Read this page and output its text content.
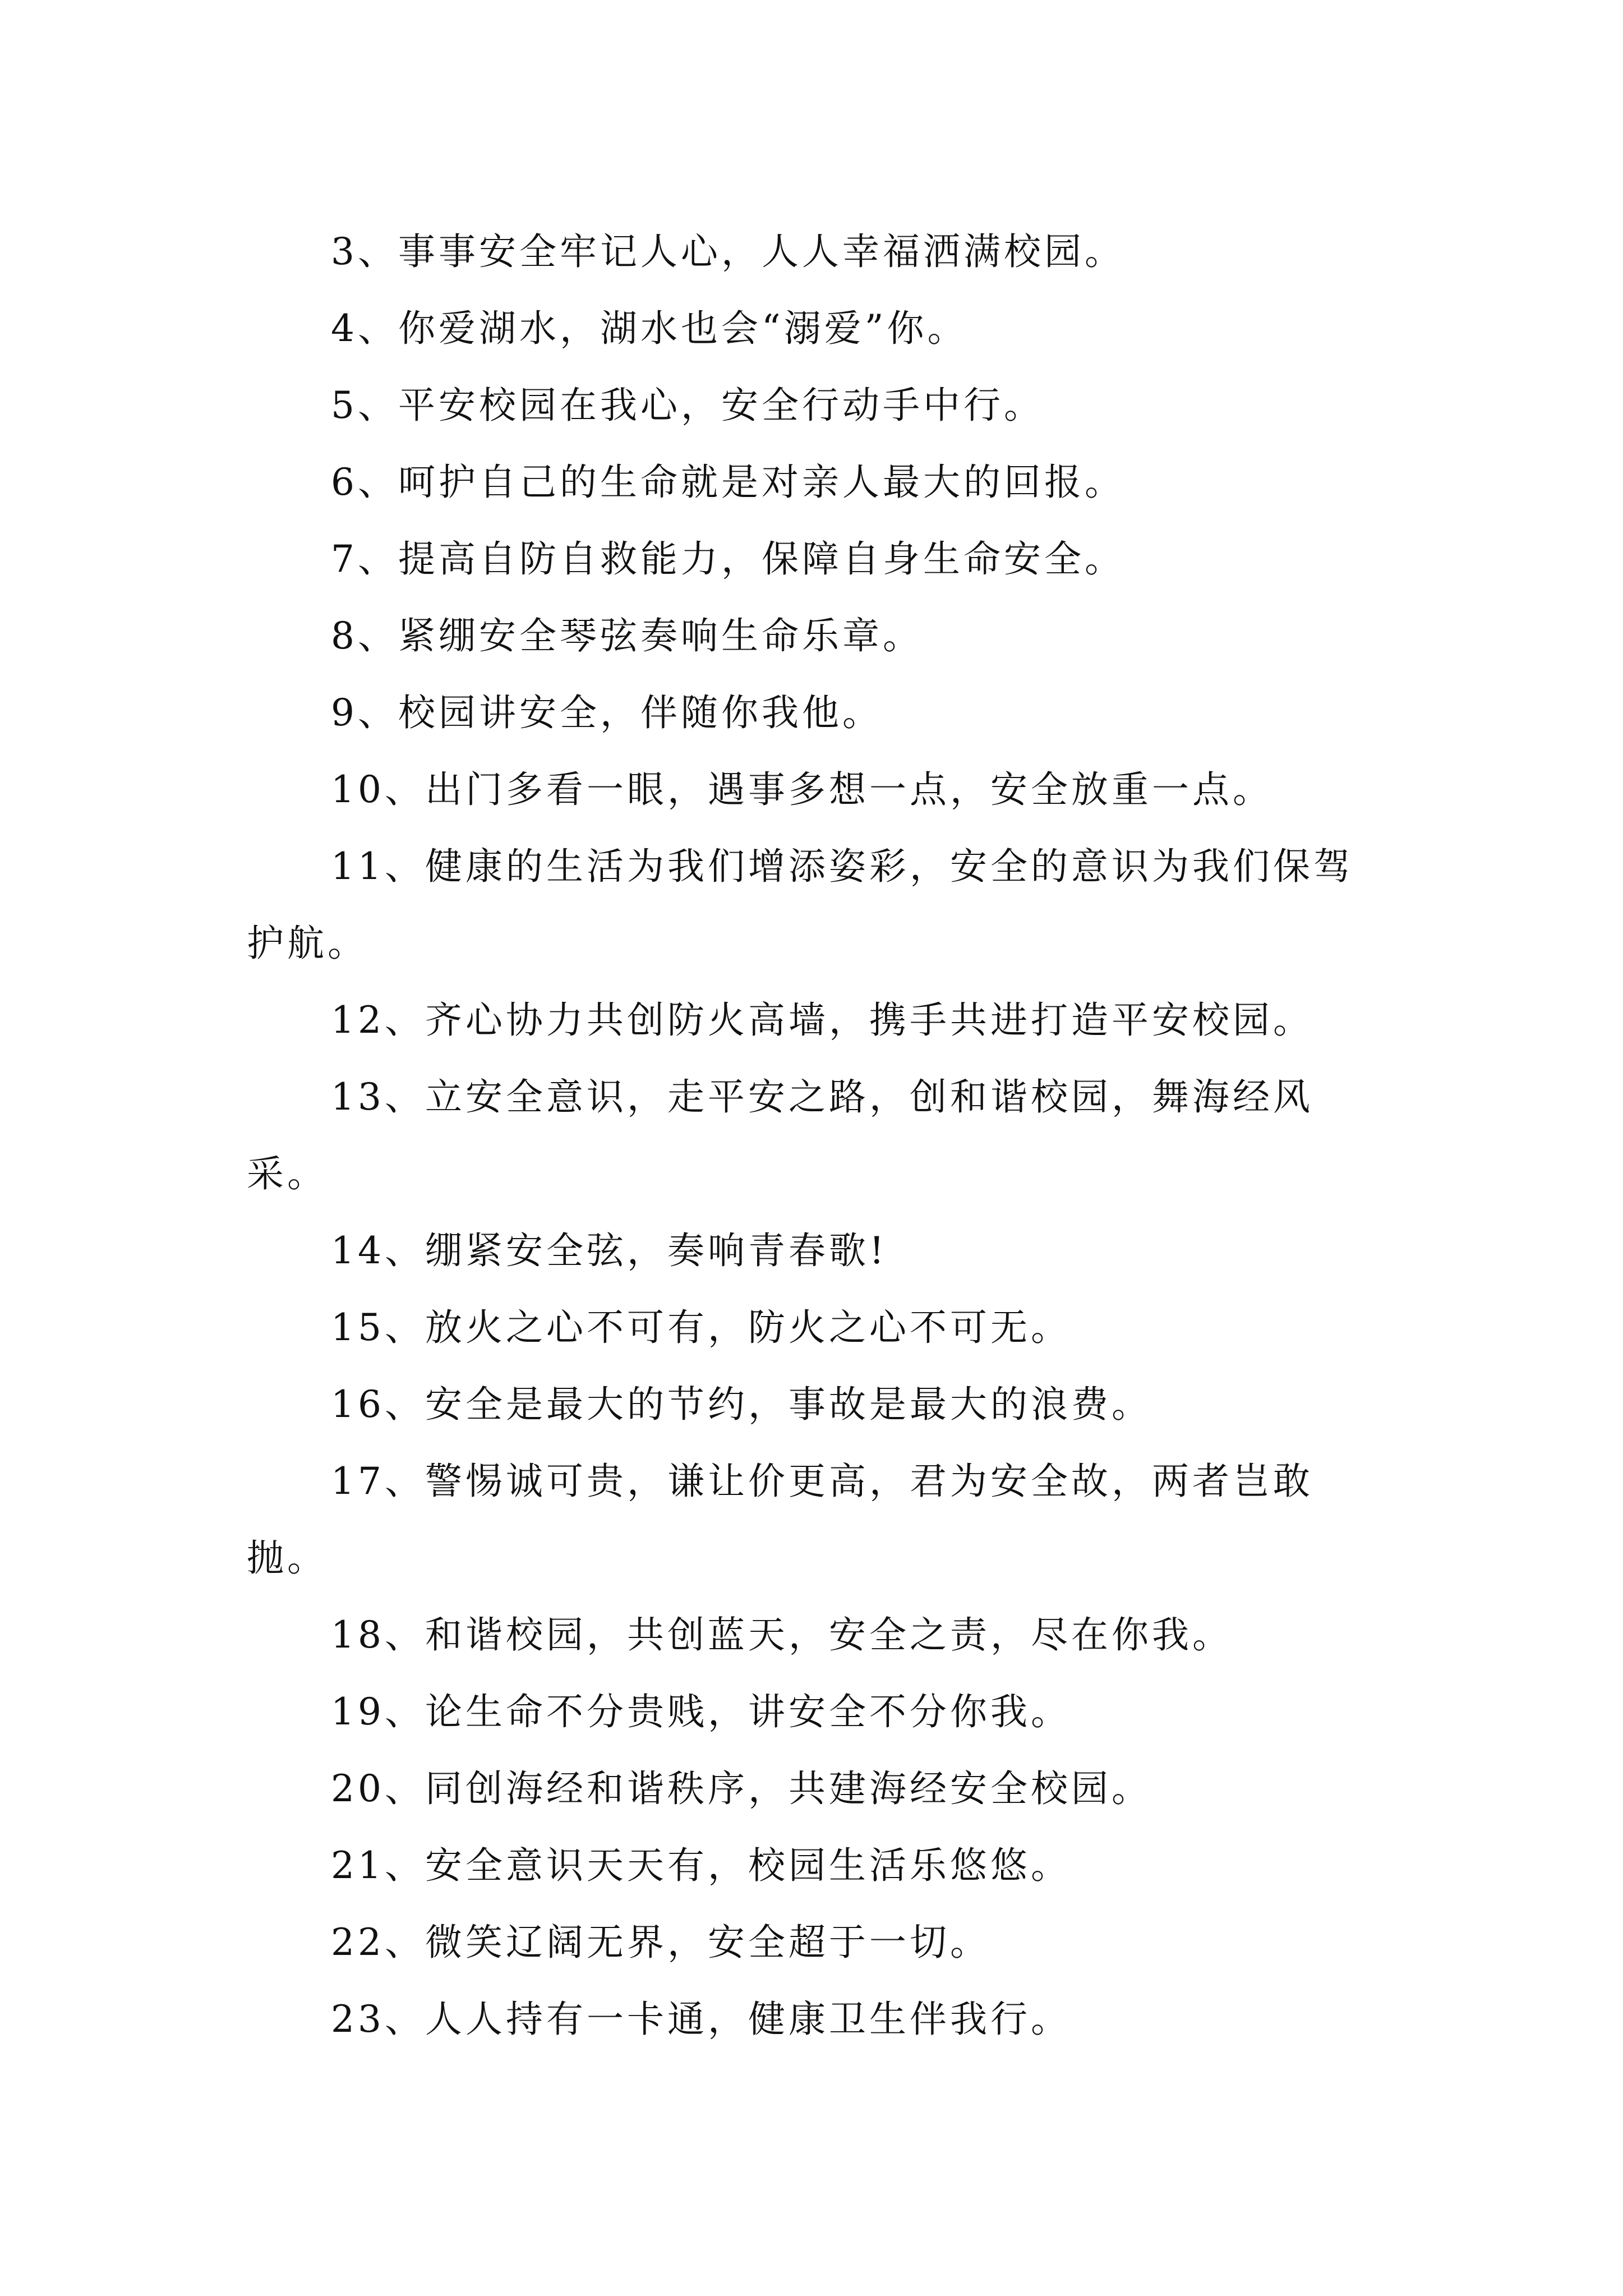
3、事事安全牢记人心，人人幸福洒满校园。

4、你爱湖水，湖水也会“溺爱”你。

5、平安校园在我心，安全行动手中行。

6、呵护自己的生命就是对亲人最大的回报。

7、提高自防自救能力，保障自身生命安全。

8、紧绷安全琴弦奏响生命乐章。

9、校园讲安全，伴随你我他。

10、出门多看一眼，遇事多想一点，安全放重一点。

11、健康的生活为我们增添姿彩，安全的意识为我们保驾护航。

12、齐心协力共创防火高墙，携手共进打造平安校园。

13、立安全意识，走平安之路，创和谐校园，舞海经风采。

14、绷紧安全弦，奏响青春歌!

15、放火之心不可有，防火之心不可无。

16、安全是最大的节约，事故是最大的浪费。

17、警惕诚可贵，谦让价更高，君为安全故，两者岂敢抛。

18、和谐校园，共创蓝天，安全之责，尽在你我。

19、论生命不分贵贱，讲安全不分你我。

20、同创海经和谐秩序，共建海经安全校园。

21、安全意识天天有，校园生活乐悠悠。

22、微笑辽阔无界，安全超于一切。

23、人人持有一卡通，健康卫生伴我行。
